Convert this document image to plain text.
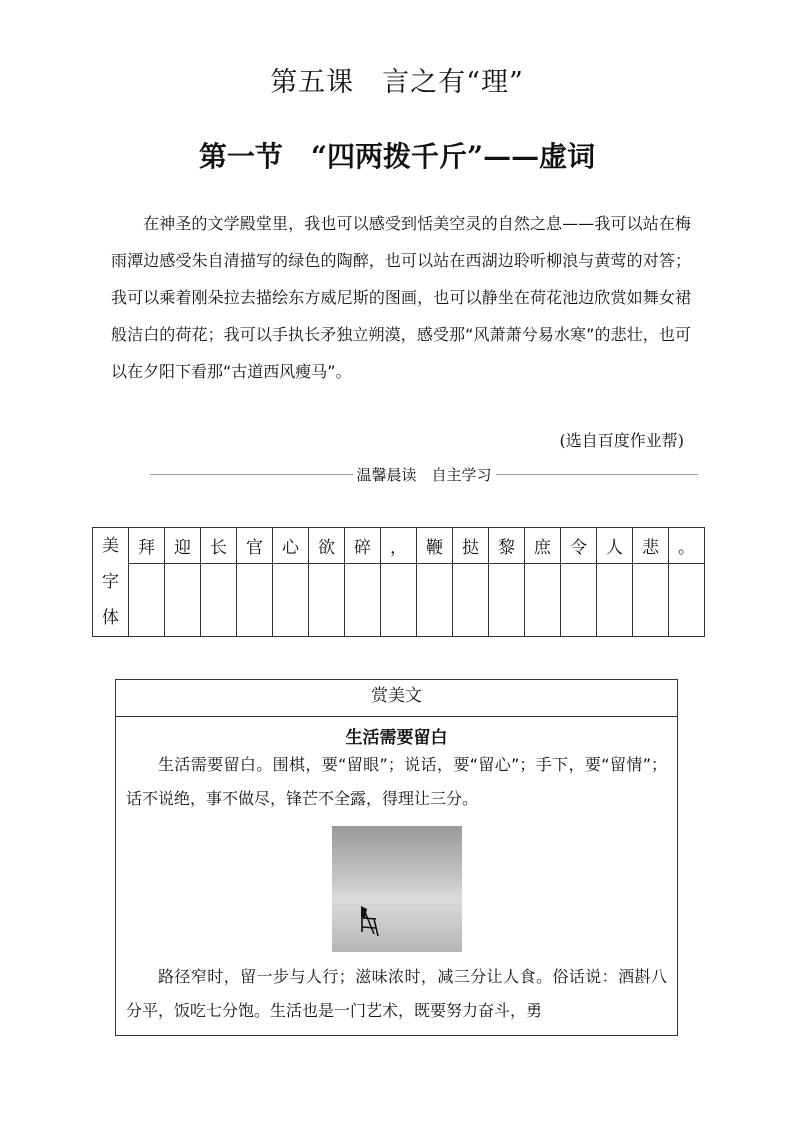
第五课　言之有“理”
第一节　“四两拨千斤”——虚词

在神圣的文学殿堂里，我也可以感受到恬美空灵的自然之息——我可以站在梅雨潭边感受朱自清描写的绿色的陶醉，也可以站在西湖边聆听柳浪与黄莺的对答；我可以乘着刚朵拉去描绘东方威尼斯的图画，也可以静坐在荷花池边欣赏如舞女裙般洁白的荷花；我可以手执长矛独立朔漠，感受那“风萧萧兮易水寒”的悲壮，也可以在夕阳下看那“古道西风瘦马”。

(选自百度作业帮)
温馨晨读　自主学习
美
字
体	拜	迎	长	官	心	欲	碎	，	鞭	挞	黎	庶	令	人	悲	。

赏美文
生活需要留白

生活需要留白。围棋，要“留眼”；说话，要“留心”；手下，要“留情”；话不说绝，事不做尽，锋芒不全露，得理让三分。

路径窄时，留一步与人行；滋味浓时，减三分让人食。俗话说：酒斟八分平，饭吃七分饱。生活也是一门艺术，既要努力奋斗，勇
